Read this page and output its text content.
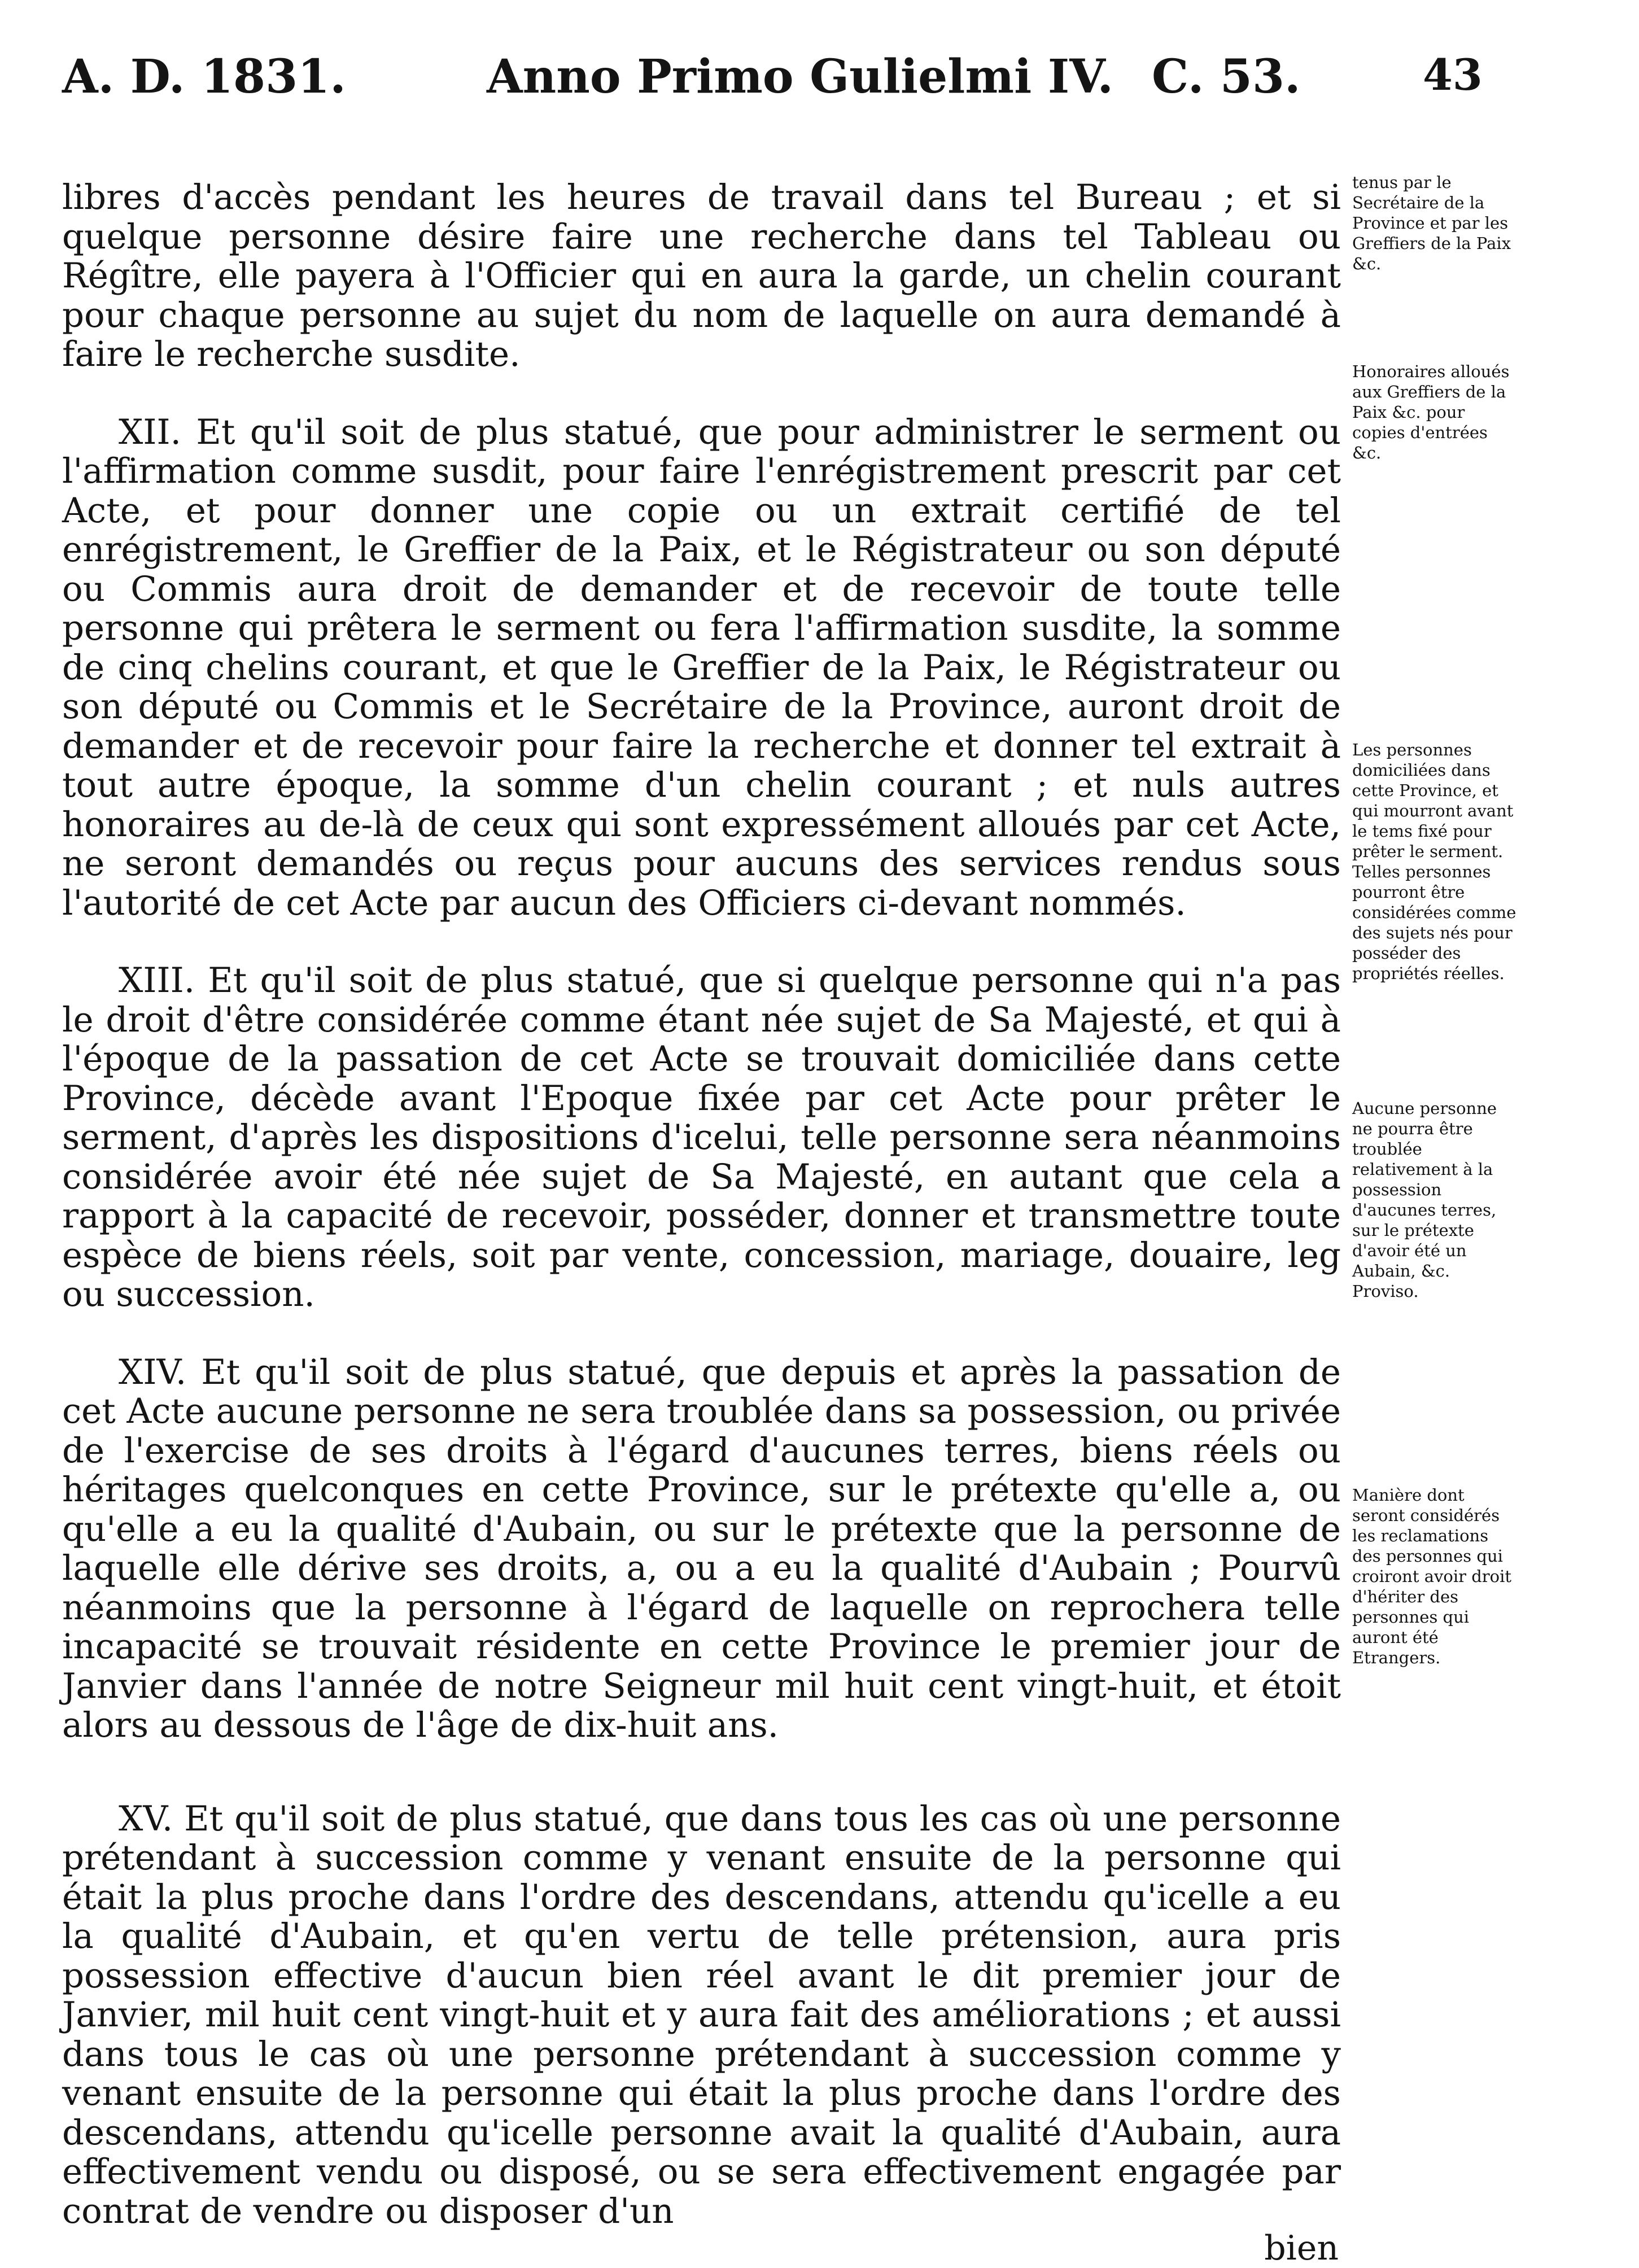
A. D. 1831.	Anno Primo Gulielmi IV. C. 53.	43

libres d'accès pendant les heures de travail dans tel Bureau ; et si quelque personne désire faire une recherche dans tel Tableau ou Régître, elle payera à l'Officier qui en aura la garde, un chelin courant pour chaque personne au sujet du nom de laquelle on aura demandé à faire le recherche susdite.

XII. Et qu'il soit de plus statué, que pour administrer le serment ou l'affirmation comme susdit, pour faire l'enrégistrement prescrit par cet Acte, et pour donner une copie ou un extrait certifié de tel enrégistrement, le Greffier de la Paix, et le Régistrateur ou son député ou Commis aura droit de demander et de recevoir de toute telle personne qui prêtera le serment ou fera l'affirmation susdite, la somme de cinq chelins courant, et que le Greffier de la Paix, le Régistrateur ou son député ou Commis et le Secrétaire de la Province, auront droit de demander et de recevoir pour faire la recherche et donner tel extrait à tout autre époque, la somme d'un chelin courant ; et nuls autres honoraires au de-là de ceux qui sont expressément alloués par cet Acte, ne seront demandés ou reçus pour aucuns des services rendus sous l'autorité de cet Acte par aucun des Officiers ci-devant nommés.

XIII. Et qu'il soit de plus statué, que si quelque personne qui n'a pas le droit d'être considérée comme étant née sujet de Sa Majesté, et qui à l'époque de la passation de cet Acte se trouvait domiciliée dans cette Province, décède avant l'Epoque fixée par cet Acte pour prêter le serment, d'après les dispositions d'icelui, telle personne sera néanmoins considérée avoir été née sujet de Sa Majesté, en autant que cela a rapport à la capacité de recevoir, posséder, donner et transmettre toute espèce de biens réels, soit par vente, concession, mariage, douaire, leg ou succession.

XIV. Et qu'il soit de plus statué, que depuis et après la passation de cet Acte aucune personne ne sera troublée dans sa possession, ou privée de l'exercise de ses droits à l'égard d'aucunes terres, biens réels ou héritages quelconques en cette Province, sur le prétexte qu'elle a, ou qu'elle a eu la qualité d'Aubain, ou sur le prétexte que la personne de laquelle elle dérive ses droits, a, ou a eu la qualité d'Aubain ; Pourvû néanmoins que la personne à l'égard de laquelle on reprochera telle incapacité se trouvait résidente en cette Province le premier jour de Janvier dans l'année de notre Seigneur mil huit cent vingt-huit, et étoit alors au dessous de l'âge de dix-huit ans.

XV. Et qu'il soit de plus statué, que dans tous les cas où une personne prétendant à succession comme y venant ensuite de la personne qui était la plus proche dans l'ordre des descendans, attendu qu'icelle a eu la qualité d'Aubain, et qu'en vertu de telle prétension, aura pris possession effective d'aucun bien réel avant le dit premier jour de Janvier, mil huit cent vingt-huit et y aura fait des améliorations ; et aussi dans tous le cas où une personne prétendant à succession comme y venant ensuite de la personne qui était la plus proche dans l'ordre des descendans, attendu qu'icelle personne avait la qualité d'Aubain, aura effectivement vendu ou disposé, ou se sera effectivement engagée par contrat de vendre ou disposer d'un

bien
tenus par le Secrétaire de la Province et par les Greffiers de la Paix &c.
Honoraires alloués aux Greffiers de la Paix &c. pour copies d'entrées &c.
Les personnes domiciliées dans cette Province, et qui mourront avant le tems fixé pour prêter le serment. Telles personnes pourront être considérées comme des sujets nés pour posséder des propriétés réelles.
Aucune personne ne pourra être troublée relativement à la possession d'aucunes terres, sur le prétexte d'avoir été un Aubain, &c. Proviso.
Manière dont seront considérés les reclamations des personnes qui croiront avoir droit d'hériter des personnes qui auront été Etrangers.
